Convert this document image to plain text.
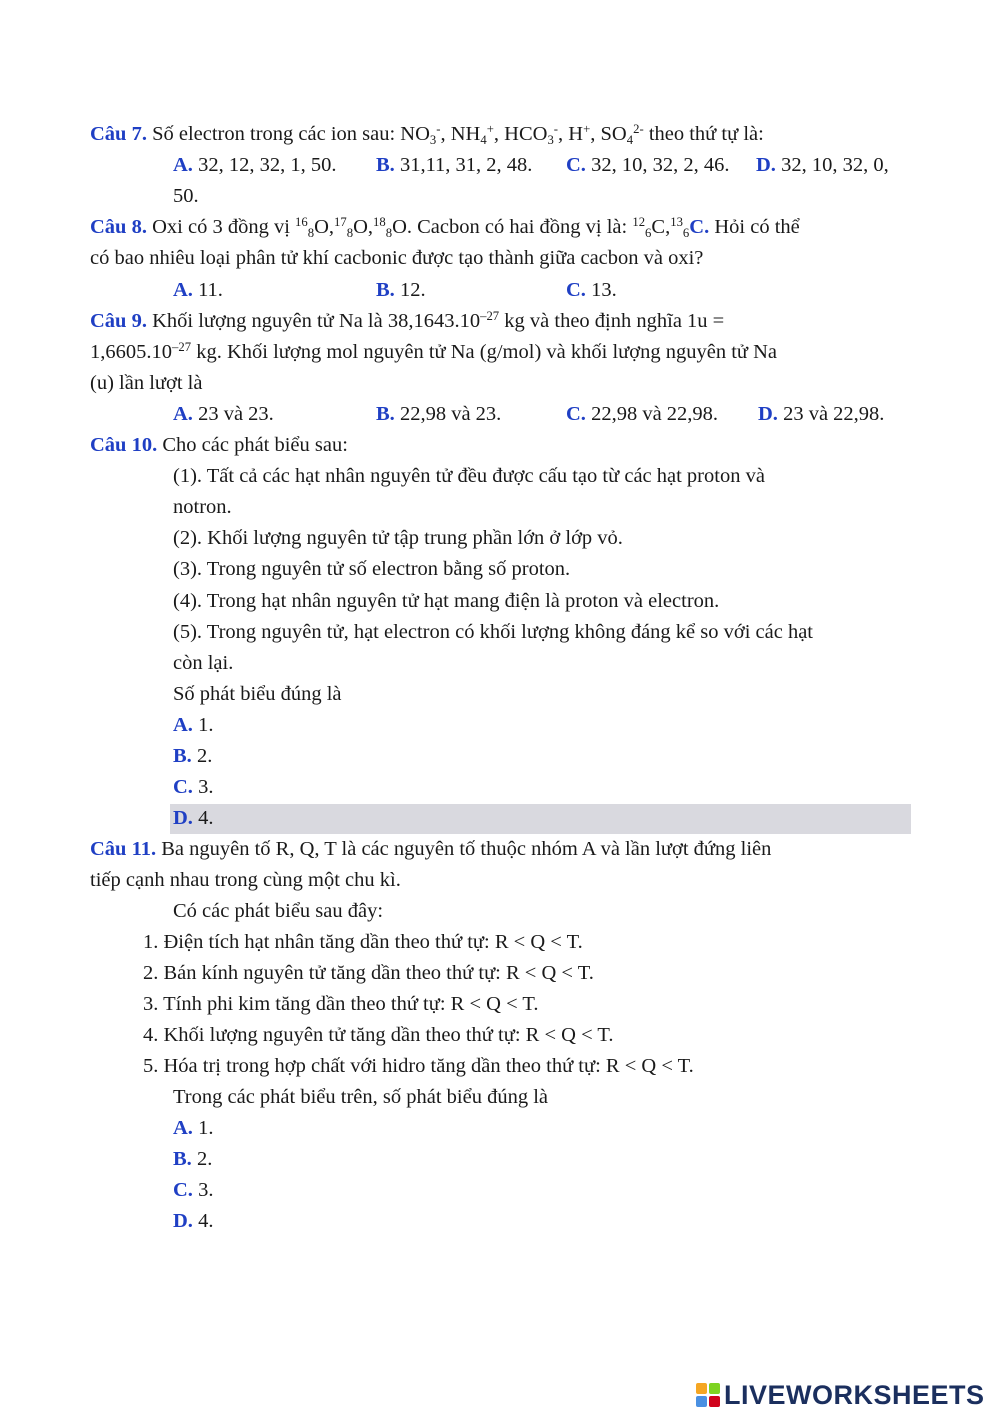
Câu 7. Số electron trong các ion sau: $NO_3^-$, $NH_4^+$, $HCO_3^-$, H+, $SO_4^{2-}$ theo thứ tự là:
A. 32, 12, 32, 1, 50. B. 31,11, 31, 2, 48. C. 32, 10, 32, 2, 46. D. 32, 10, 32, 0,
50.
Câu 8. Oxi có 3 đồng vị $^{16}_8$O,$^{17}_8$O,$^{18}_8$O. Cacbon có hai đồng vị là: $^{12}_6$C,$^{13}_6$C. Hỏi có thể
có bao nhiêu loại phân tử khí cacbonic được tạo thành giữa cacbon và oxi?
A. 11.	B. 12.	C. 13.
Câu 9. Khối lượng nguyên tử Na là $38,1643.10^{-27}$ kg và theo định nghĩa 1u =
$1,6605.10^{-27}$ kg. Khối lượng mol nguyên tử Na (g/mol) và khối lượng nguyên tử Na
(u) lần lượt là
A. 23 và 23.	B. 22,98 và 23.	C. 22,98 và 22,98. D. 23 và 22,98.
Câu 10. Cho các phát biểu sau:
(1). Tất cả các hạt nhân nguyên tử đều được cấu tạo từ các hạt proton và
notron.
(2). Khối lượng nguyên tử tập trung phần lớn ở lớp vỏ.
(3). Trong nguyên tử số electron bằng số proton.
(4). Trong hạt nhân nguyên tử hạt mang điện là proton và electron.
(5). Trong nguyên tử, hạt electron có khối lượng không đáng kể so với các hạt
còn lại.
Số phát biểu đúng là
A. 1.
B. 2.
C. 3.
D. 4.
Câu 11. Ba nguyên tố R, Q, T là các nguyên tố thuộc nhóm A và lần lượt đứng liên
tiếp cạnh nhau trong cùng một chu kì.
Có các phát biểu sau đây:
1. Điện tích hạt nhân tăng dần theo thứ tự: R < Q < T.
2. Bán kính nguyên tử tăng dần theo thứ tự: R < Q < T.
3. Tính phi kim tăng dần theo thứ tự: R < Q < T.
4. Khối lượng nguyên tử tăng dần theo thứ tự: R < Q < T.
5. Hóa trị trong hợp chất với hidro tăng dần theo thứ tự: R < Q < T.
Trong các phát biểu trên, số phát biểu đúng là
A. 1.
B. 2.
C. 3.
D. 4.
LIVEWORKSHEETS
